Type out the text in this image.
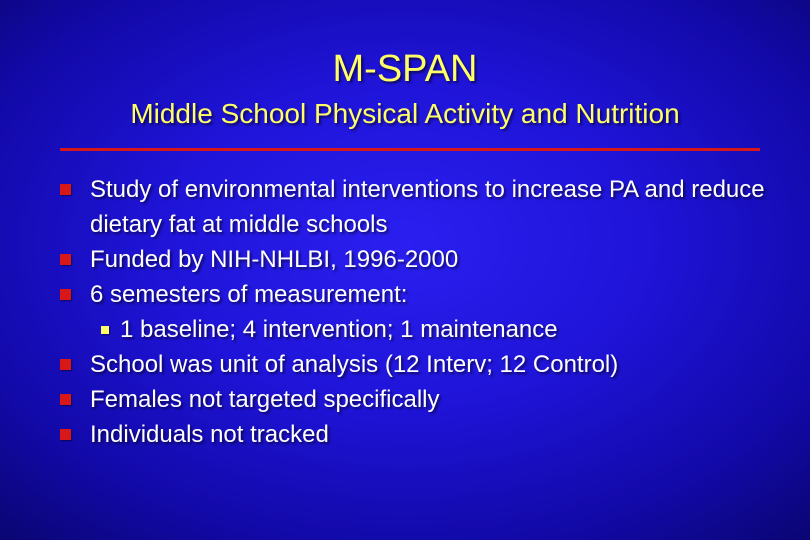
M-SPAN
Middle School Physical Activity and Nutrition
Study of environmental interventions to increase PA and reduce dietary fat at middle schools
Funded by NIH-NHLBI, 1996-2000
6 semesters of measurement:
1 baseline; 4 intervention; 1 maintenance
School was unit of analysis (12 Interv; 12 Control)
Females not targeted specifically
Individuals not tracked
